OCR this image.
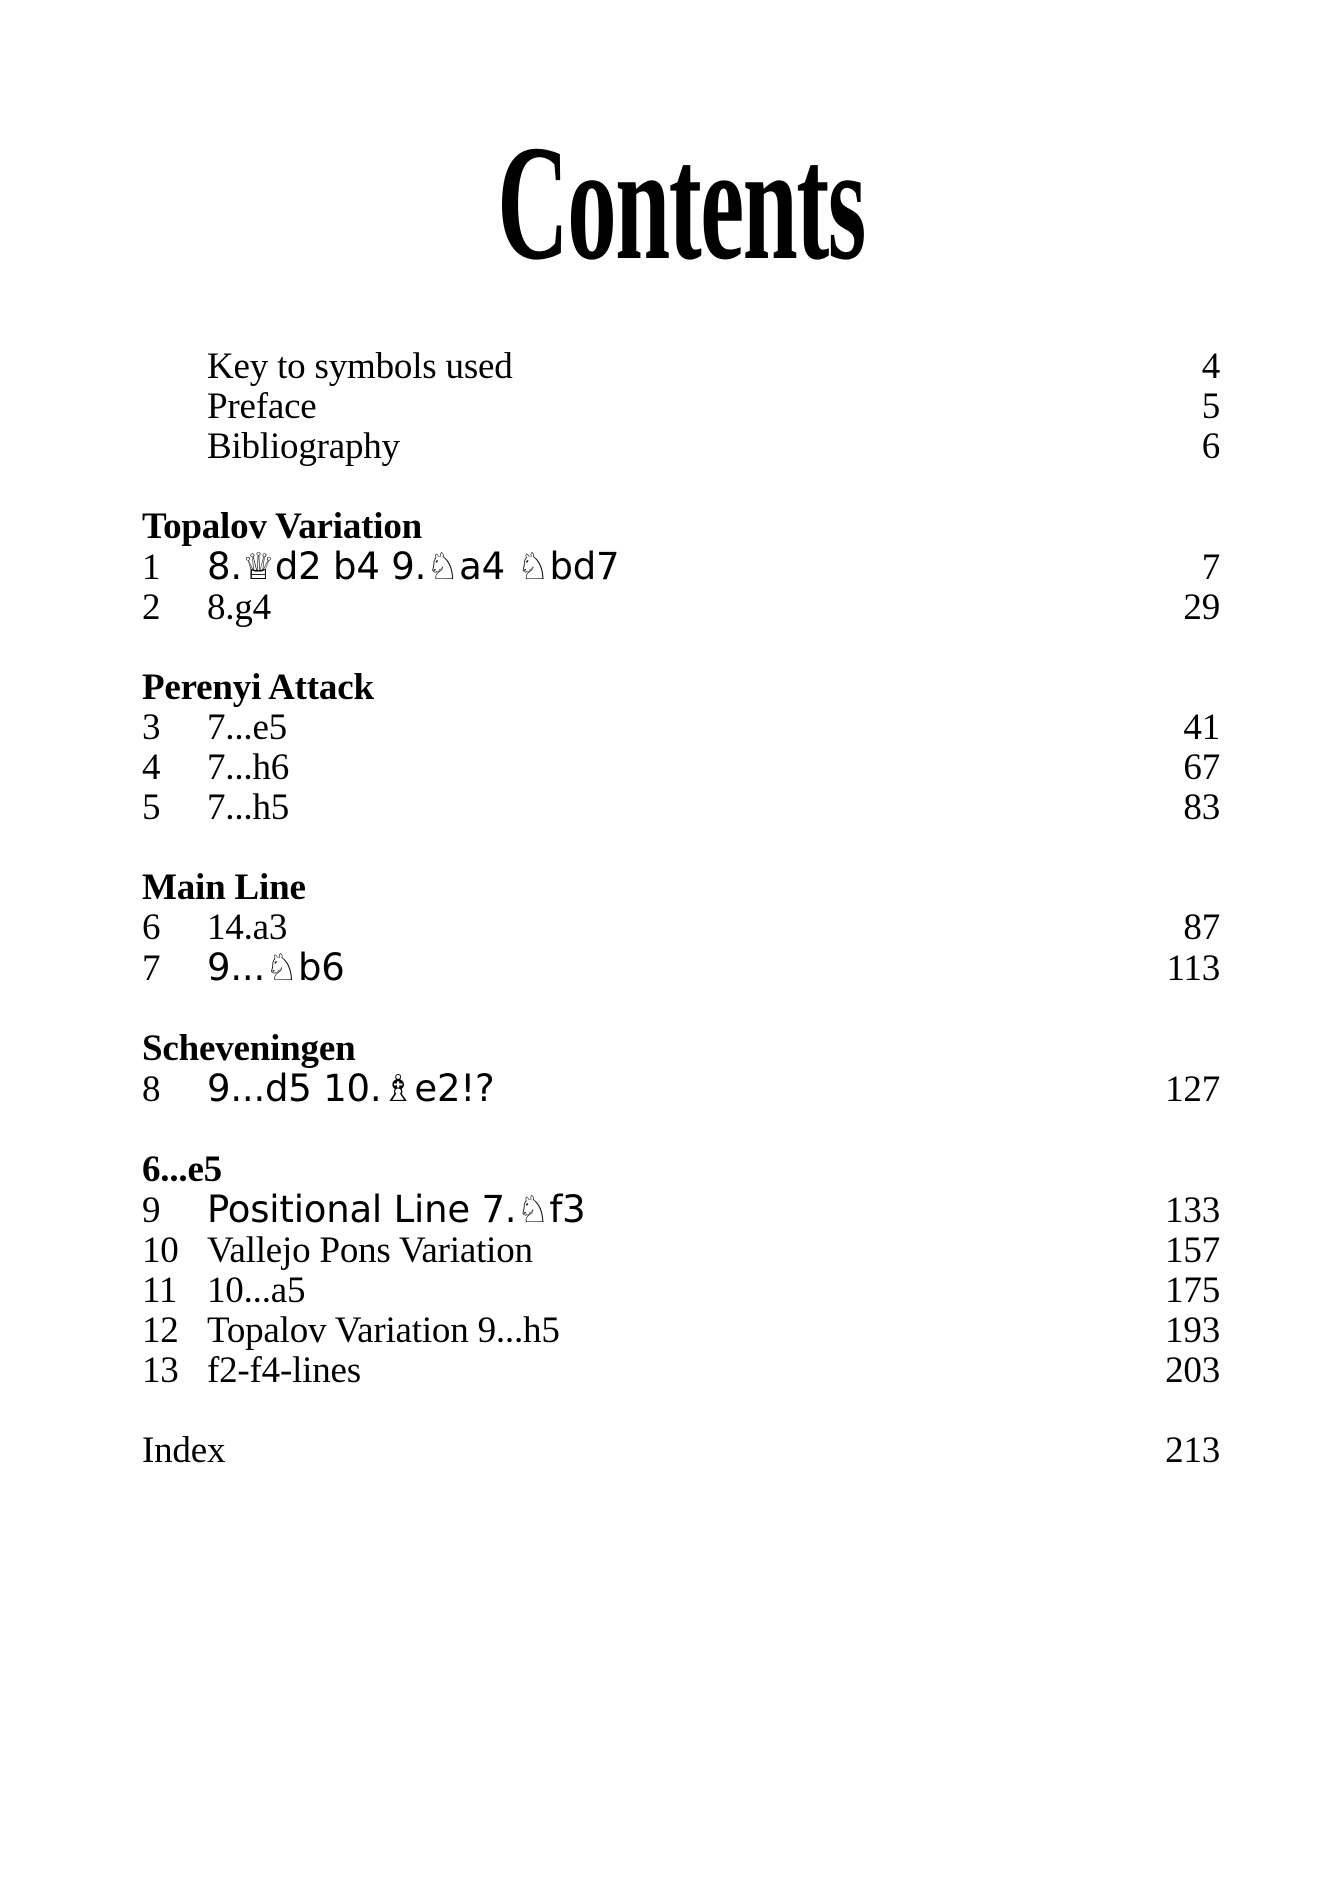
Contents
Key to symbols used	4
Preface	5
Bibliography	6
Topalov Variation
1	8.♕d2 b4 9.♘a4 ♘bd7	7
2	8.g4	29
Perenyi Attack
3	7...e5	41
4	7...h6	67
5	7...h5	83
Main Line
6	14.a3	87
7	9...♘b6	113
Scheveningen
8	9...d5 10.♗e2!?	127
6...e5
9	Positional Line 7.♘f3	133
10 Vallejo Pons Variation	157
11 10...a5	175
12 Topalov Variation 9...h5	193
13 f2-f4-lines	203
Index	213
